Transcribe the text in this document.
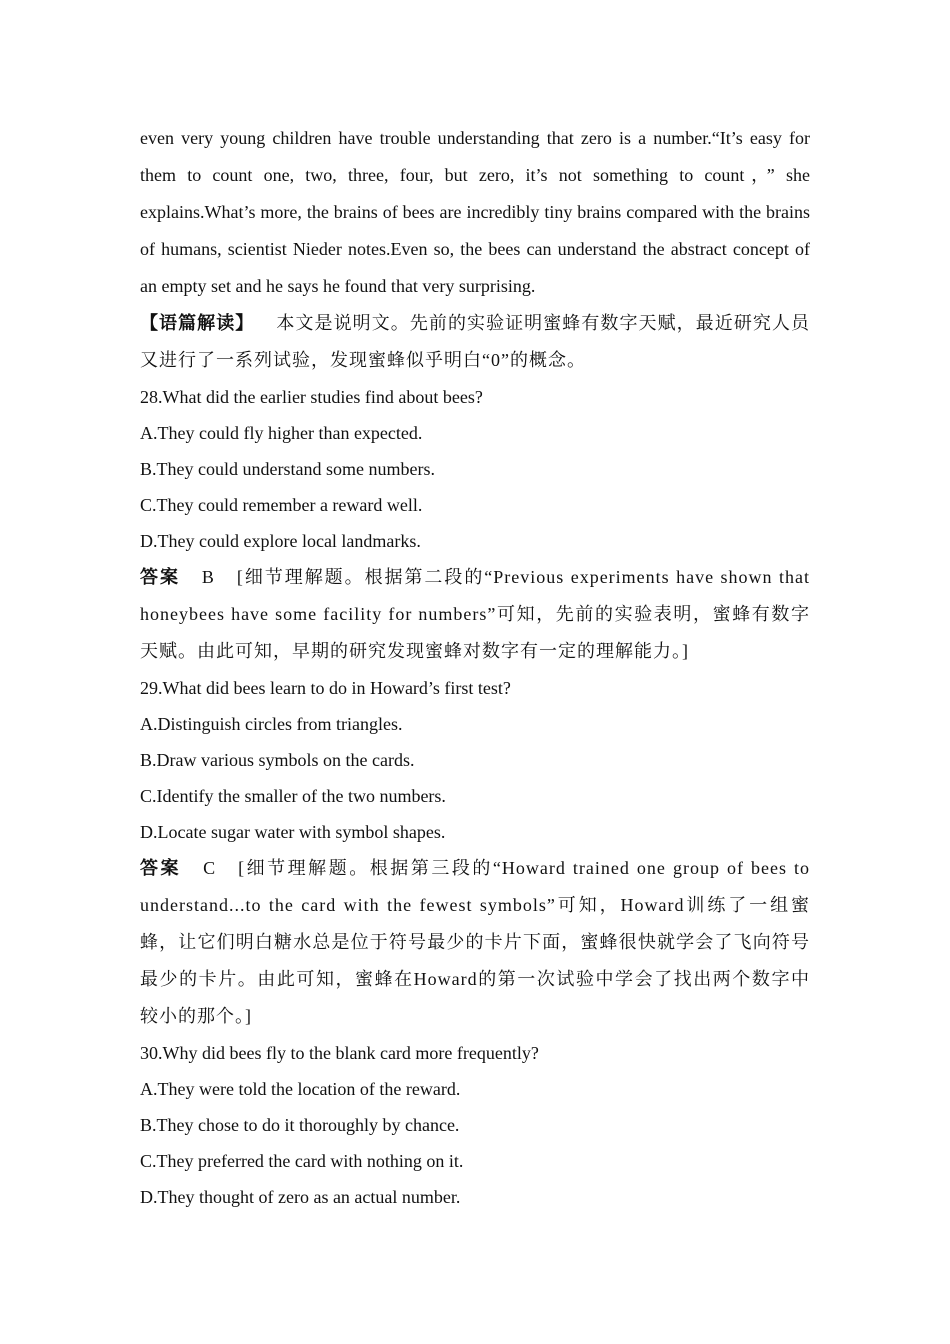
even very young children have trouble understanding that zero is a number.“It’s easy for them to count one, two, three, four, but zero, it’s not something to count，” she explains.What’s more, the brains of bees are incredibly tiny brains compared with the brains of humans, scientist Nieder notes.Even so, the bees can understand the abstract concept of an empty set and he says he found that very surprising.

【语篇解读】 本文是说明文。先前的实验证明蜜蜂有数字天赋，最近研究人员又进行了一系列试验，发现蜜蜂似乎明白“0”的概念。

28.What did the earlier studies find about bees?

A.They could fly higher than expected.

B.They could understand some numbers.

C.They could remember a reward well.

D.They could explore local landmarks.

答案 B [细节理解题。根据第二段的“Previous experiments have shown that honeybees have some facility for numbers”可知，先前的实验表明，蜜蜂有数字天赋。由此可知，早期的研究发现蜜蜂对数字有一定的理解能力。]

29.What did bees learn to do in Howard’s first test?

A.Distinguish circles from triangles.

B.Draw various symbols on the cards.

C.Identify the smaller of the two numbers.

D.Locate sugar water with symbol shapes.

答案 C [细节理解题。根据第三段的“Howard trained one group of bees to understand...to the card with the fewest symbols”可知，Howard训练了一组蜜蜂，让它们明白糖水总是位于符号最少的卡片下面，蜜蜂很快就学会了飞向符号最少的卡片。由此可知，蜜蜂在Howard的第一次试验中学会了找出两个数字中较小的那个。]

30.Why did bees fly to the blank card more frequently?

A.They were told the location of the reward.

B.They chose to do it thoroughly by chance.

C.They preferred the card with nothing on it.

D.They thought of zero as an actual number.
